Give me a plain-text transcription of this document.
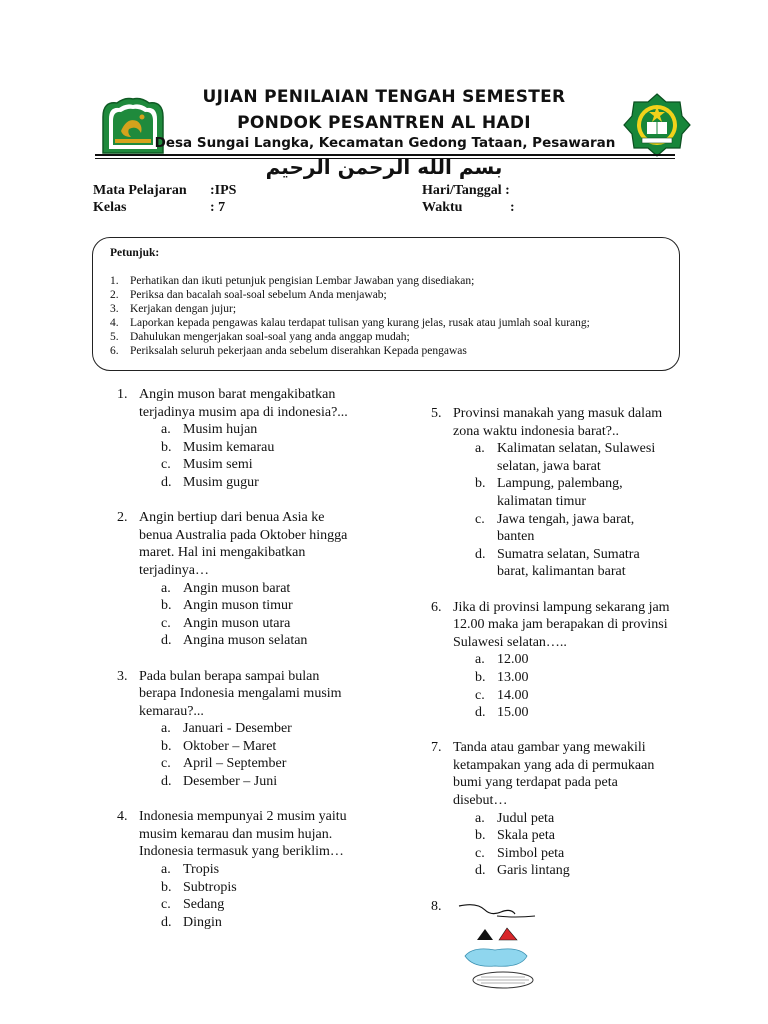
UJIAN PENILAIAN TENGAH SEMESTER
PONDOK PESANTREN AL HADI
Desa Sungai Langka, Kecamatan Gedong Tataan, Pesawaran
بسم الله الرحمن الرحيم
Mata Pelajaran :IPS
Kelas	: 7
Hari/Tanggal :
Waktu	:
Petunjuk:
1. Perhatikan dan ikuti petunjuk pengisian Lembar Jawaban yang disediakan;
2. Periksa dan bacalah soal-soal sebelum Anda menjawab;
3. Kerjakan dengan jujur;
4. Laporkan kepada pengawas kalau terdapat tulisan yang kurang jelas, rusak atau jumlah soal kurang;
5. Dahulukan mengerjakan soal-soal yang anda anggap mudah;
6. Periksalah seluruh pekerjaan anda sebelum diserahkan Kepada pengawas
1. Angin muson barat mengakibatkan
terjadinya musim apa di indonesia?...
a. Musim hujan
b. Musim kemarau
c. Musim semi
d. Musim gugur
2. Angin bertiup dari benua Asia ke
benua Australia pada Oktober hingga
maret. Hal ini mengakibatkan
terjadinya…
a. Angin muson barat
b. Angin muson timur
c. Angin muson utara
d. Angina muson selatan
3. Pada bulan berapa sampai bulan
berapa Indonesia mengalami musim
kemarau?...
a. Januari - Desember
b. Oktober – Maret
c. April – September
d. Desember – Juni
4. Indonesia mempunyai 2 musim yaitu
musim kemarau dan musim hujan.
Indonesia termasuk yang beriklim…
a. Tropis
b. Subtropis
c. Sedang
d. Dingin
5. Provinsi manakah yang masuk dalam
zona waktu indonesia barat?..
a. Kalimatan selatan, Sulawesi
selatan, jawa barat
b. Lampung, palembang,
kalimatan timur
c. Jawa tengah, jawa barat,
banten
d. Sumatra selatan, Sumatra
barat, kalimantan barat
6. Jika di provinsi lampung sekarang jam
12.00 maka jam berapakan di provinsi
Sulawesi selatan…..
a. 12.00
b. 13.00
c. 14.00
d. 15.00
7. Tanda atau gambar yang mewakili
ketampakan yang ada di permukaan
bumi yang terdapat pada peta
disebut…
a. Judul peta
b. Skala peta
c. Simbol peta
d. Garis lintang
8.
